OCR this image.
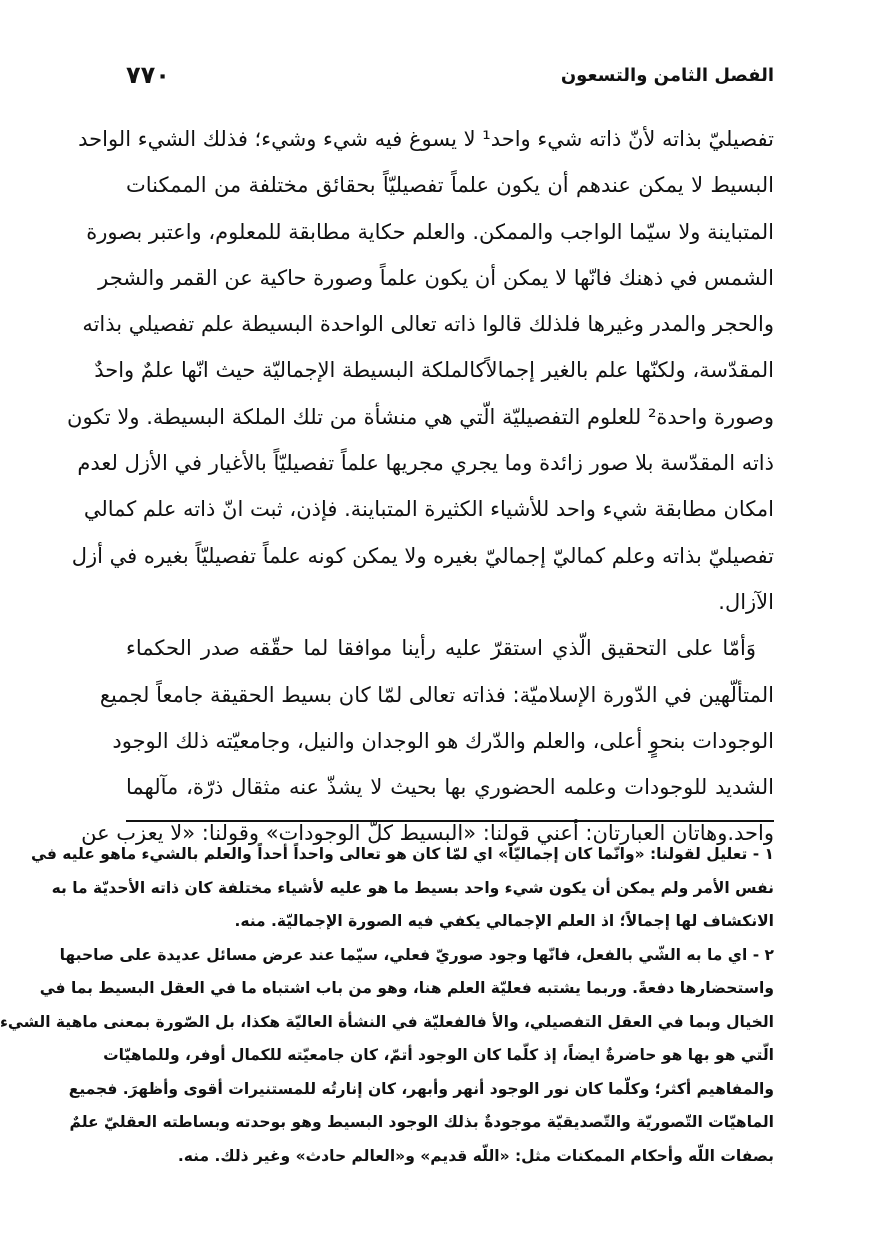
الفصل الثامن والتسعون
٧٧٠
تفصيليّ بذاته لأنّ ذاته شيء واحد¹ لا يسوغ فيه شيء وشيء؛ فذلك الشيء الواحد
البسيط لا يمكن عندهم أن يكون علماً تفصيليّاً بحقائق مختلفة من الممكنات
المتباينة ولا سيّما الواجب والممكن. والعلم حكاية مطابقة للمعلوم، واعتبر بصورة
الشمس في ذهنك فانّها لا يمكن أن يكون علماً وصورة حاكية عن القمر والشجر
والحجر والمدر وغيرها فلذلك قالوا ذاته تعالى الواحدة البسيطة علم تفصيلي بذاته
المقدّسة، ولكنّها علم بالغير إجمالاًكالملكة البسيطة الإجماليّة حيث انّها علمٌ واحدٌ
وصورة واحدة² للعلوم التفصيليّة الّتي هي منشأة من تلك الملكة البسيطة. ولا تكون
ذاته المقدّسة بلا صور زائدة وما يجري مجريها علماً تفصيليّاً بالأغيار في الأزل لعدم
امكان مطابقة شيء واحد للأشياء الكثيرة المتباينة. فإذن، ثبت انّ ذاته علم كمالي
تفصيليّ بذاته وعلم كماليّ إجماليّ بغيره ولا يمكن كونه علماً تفصيليّاً بغيره في أزل
الآزال.
وَأمّا على التحقيق الّذي استقرّ عليه رأينا موافقا لما حقّقه صدر الحكماء
المتألّهين في الدّورة الإسلاميّة: فذاته تعالى لمّا كان بسيط الحقيقة جامعاً لجميع
الوجودات بنحوٍ أعلى، والعلم والدّرك هو الوجدان والنيل، وجامعيّته ذلك الوجود
الشديد للوجودات وعلمه الحضوري بها بحيث لا يشذّ عنه مثقال ذرّة، مآلهما
واحد.وهاتان العبارتان: أعني قولنا: «البسيط كلّ الوجودات» وقولنا: «لا يعزب عن
١ - تعليل لقولنا: «وانّما كان إجماليّاً» اي لمّا كان هو تعالى واحداً أحداً والعلم بالشيء ماهو عليه في
نفس الأمر ولم يمكن أن يكون شيء واحد بسيط ما هو عليه لأشياء مختلفة كان ذاته الأحديّة ما به
الانكشاف لها إجمالاً؛ اذ العلم الإجمالي يكفي فيه الصورة الإجماليّة. منه.
٢ - اي ما به الشّي بالفعل، فانّها وجود صوريّ فعلي، سيّما عند عرض مسائل عديدة على صاحبها
واستحضارها دفعةً. وربما يشتبه فعليّة العلم هنا، وهو من باب اشتباه ما في العقل البسيط بما في
الخيال وبما في العقل التفصيلي، والأ فالفعليّة في النشأة العاليّة هكذا، بل الصّورة بمعنى ماهية الشيء
الّتي هو بها هو حاضرةٌ ايضاً، إذ كلّما كان الوجود أتمّ، كان جامعيّته للكمال أوفر، وللماهيّات
والمفاهيم أكثر؛ وكلّما كان نور الوجود أنهر وأبهر، كان إنارتُه للمستنيرات أقوى وأظهرَ. فجميع
الماهيّات التّصوريّة والتّصديقيّة موجودةٌ بذلك الوجود البسيط وهو بوحدته وبساطته العقليّ علمٌ
بصفات اللّه وأحكام الممكنات مثل: «اللّه قديم» و«العالم حادث» وغير ذلك. منه.
